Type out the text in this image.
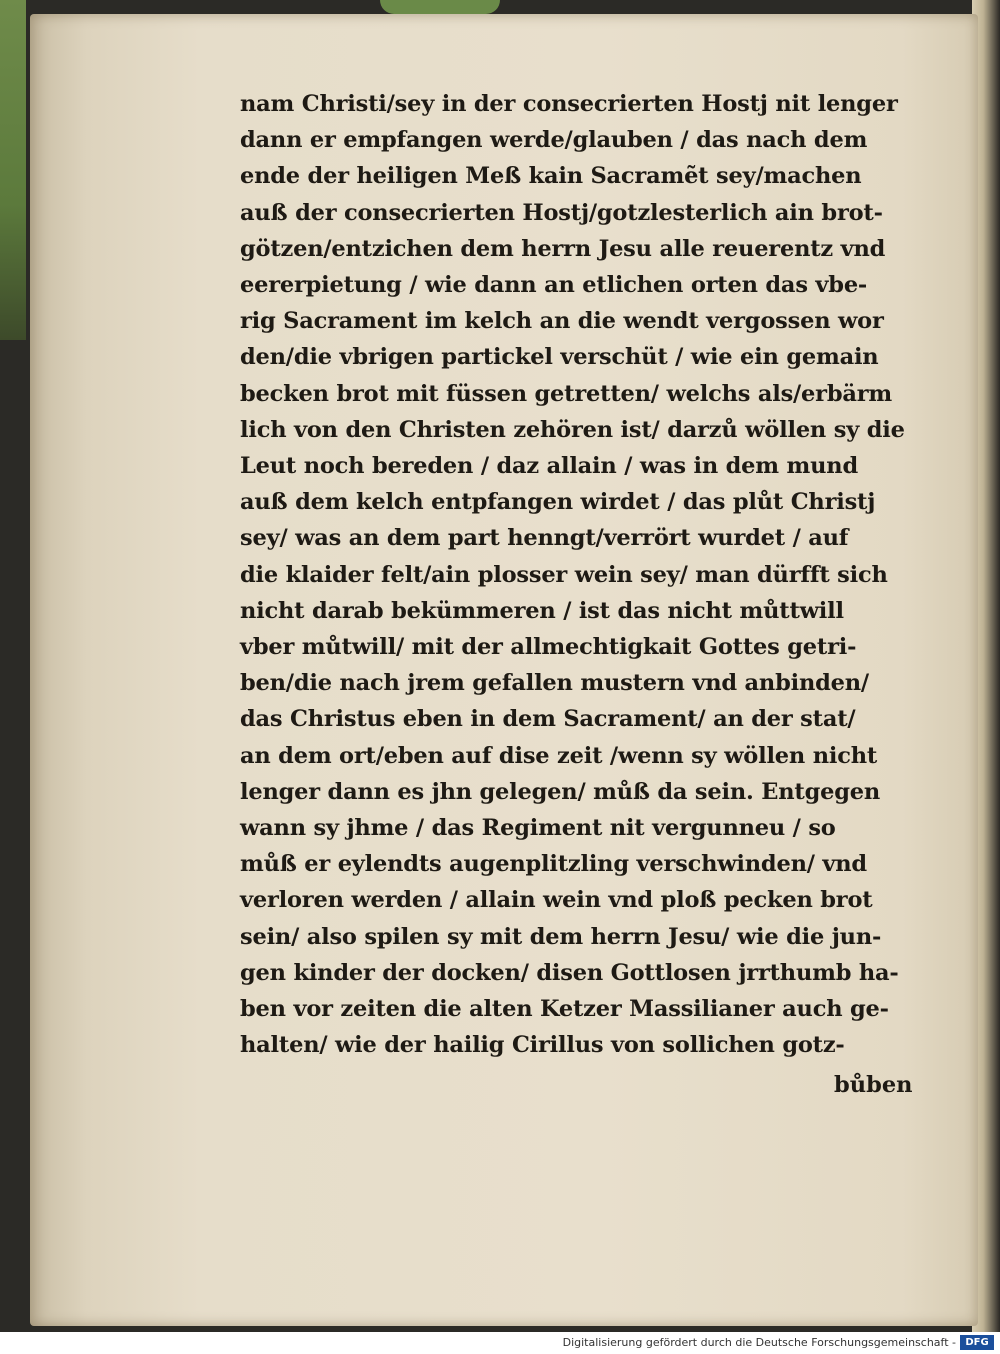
nam Christi/sey in der consecrierten Hostj nit lenger
dann er empfangen werde/glauben / das nach dem
ende der heiligen Meß kain Sacramẽt sey/machen
auß der consecrierten Hostj/gotzlesterlich ain brot-
götzen/entzichen dem herrn Jesu alle reuerentz vnd
eererpietung / wie dann an etlichen orten das vbe-
rig Sacrament im kelch an die wendt vergossen wor
den/die vbrigen partickel verschüt / wie ein gemain
becken brot mit füssen getretten/ welchs als/erbärm
lich von den Christen zehören ist/ darzů wöllen sy die
Leut noch bereden / daz allain / was in dem mund
auß dem kelch entpfangen wirdet / das plůt Christj
sey/ was an dem part henngt/verrört wurdet / auf
die klaider felt/ain plosser wein sey/ man dürfft sich
nicht darab bekümmeren / ist das nicht můttwill
vber můtwill/ mit der allmechtigkait Gottes getri-
ben/die nach jrem gefallen mustern vnd anbinden/
das Christus eben in dem Sacrament/ an der stat/
an dem ort/eben auf dise zeit /wenn sy wöllen nicht
lenger dann es jhn gelegen/ můß da sein. Entgegen
wann sy jhme / das Regiment nit vergunneu / so
můß er eylendts augenplitzling verschwinden/ vnd
verloren werden / allain wein vnd ploß pecken brot
sein/ also spilen sy mit dem herrn Jesu/ wie die jun-
gen kinder der docken/ disen Gottlosen jrrthumb ha-
ben vor zeiten die alten Ketzer Massilianer auch ge-
halten/ wie der hailig Cirillus von sollichen gotz-
bůben
Digitalisierung gefördert durch die Deutsche Forschungsgemeinschaft - DFG
